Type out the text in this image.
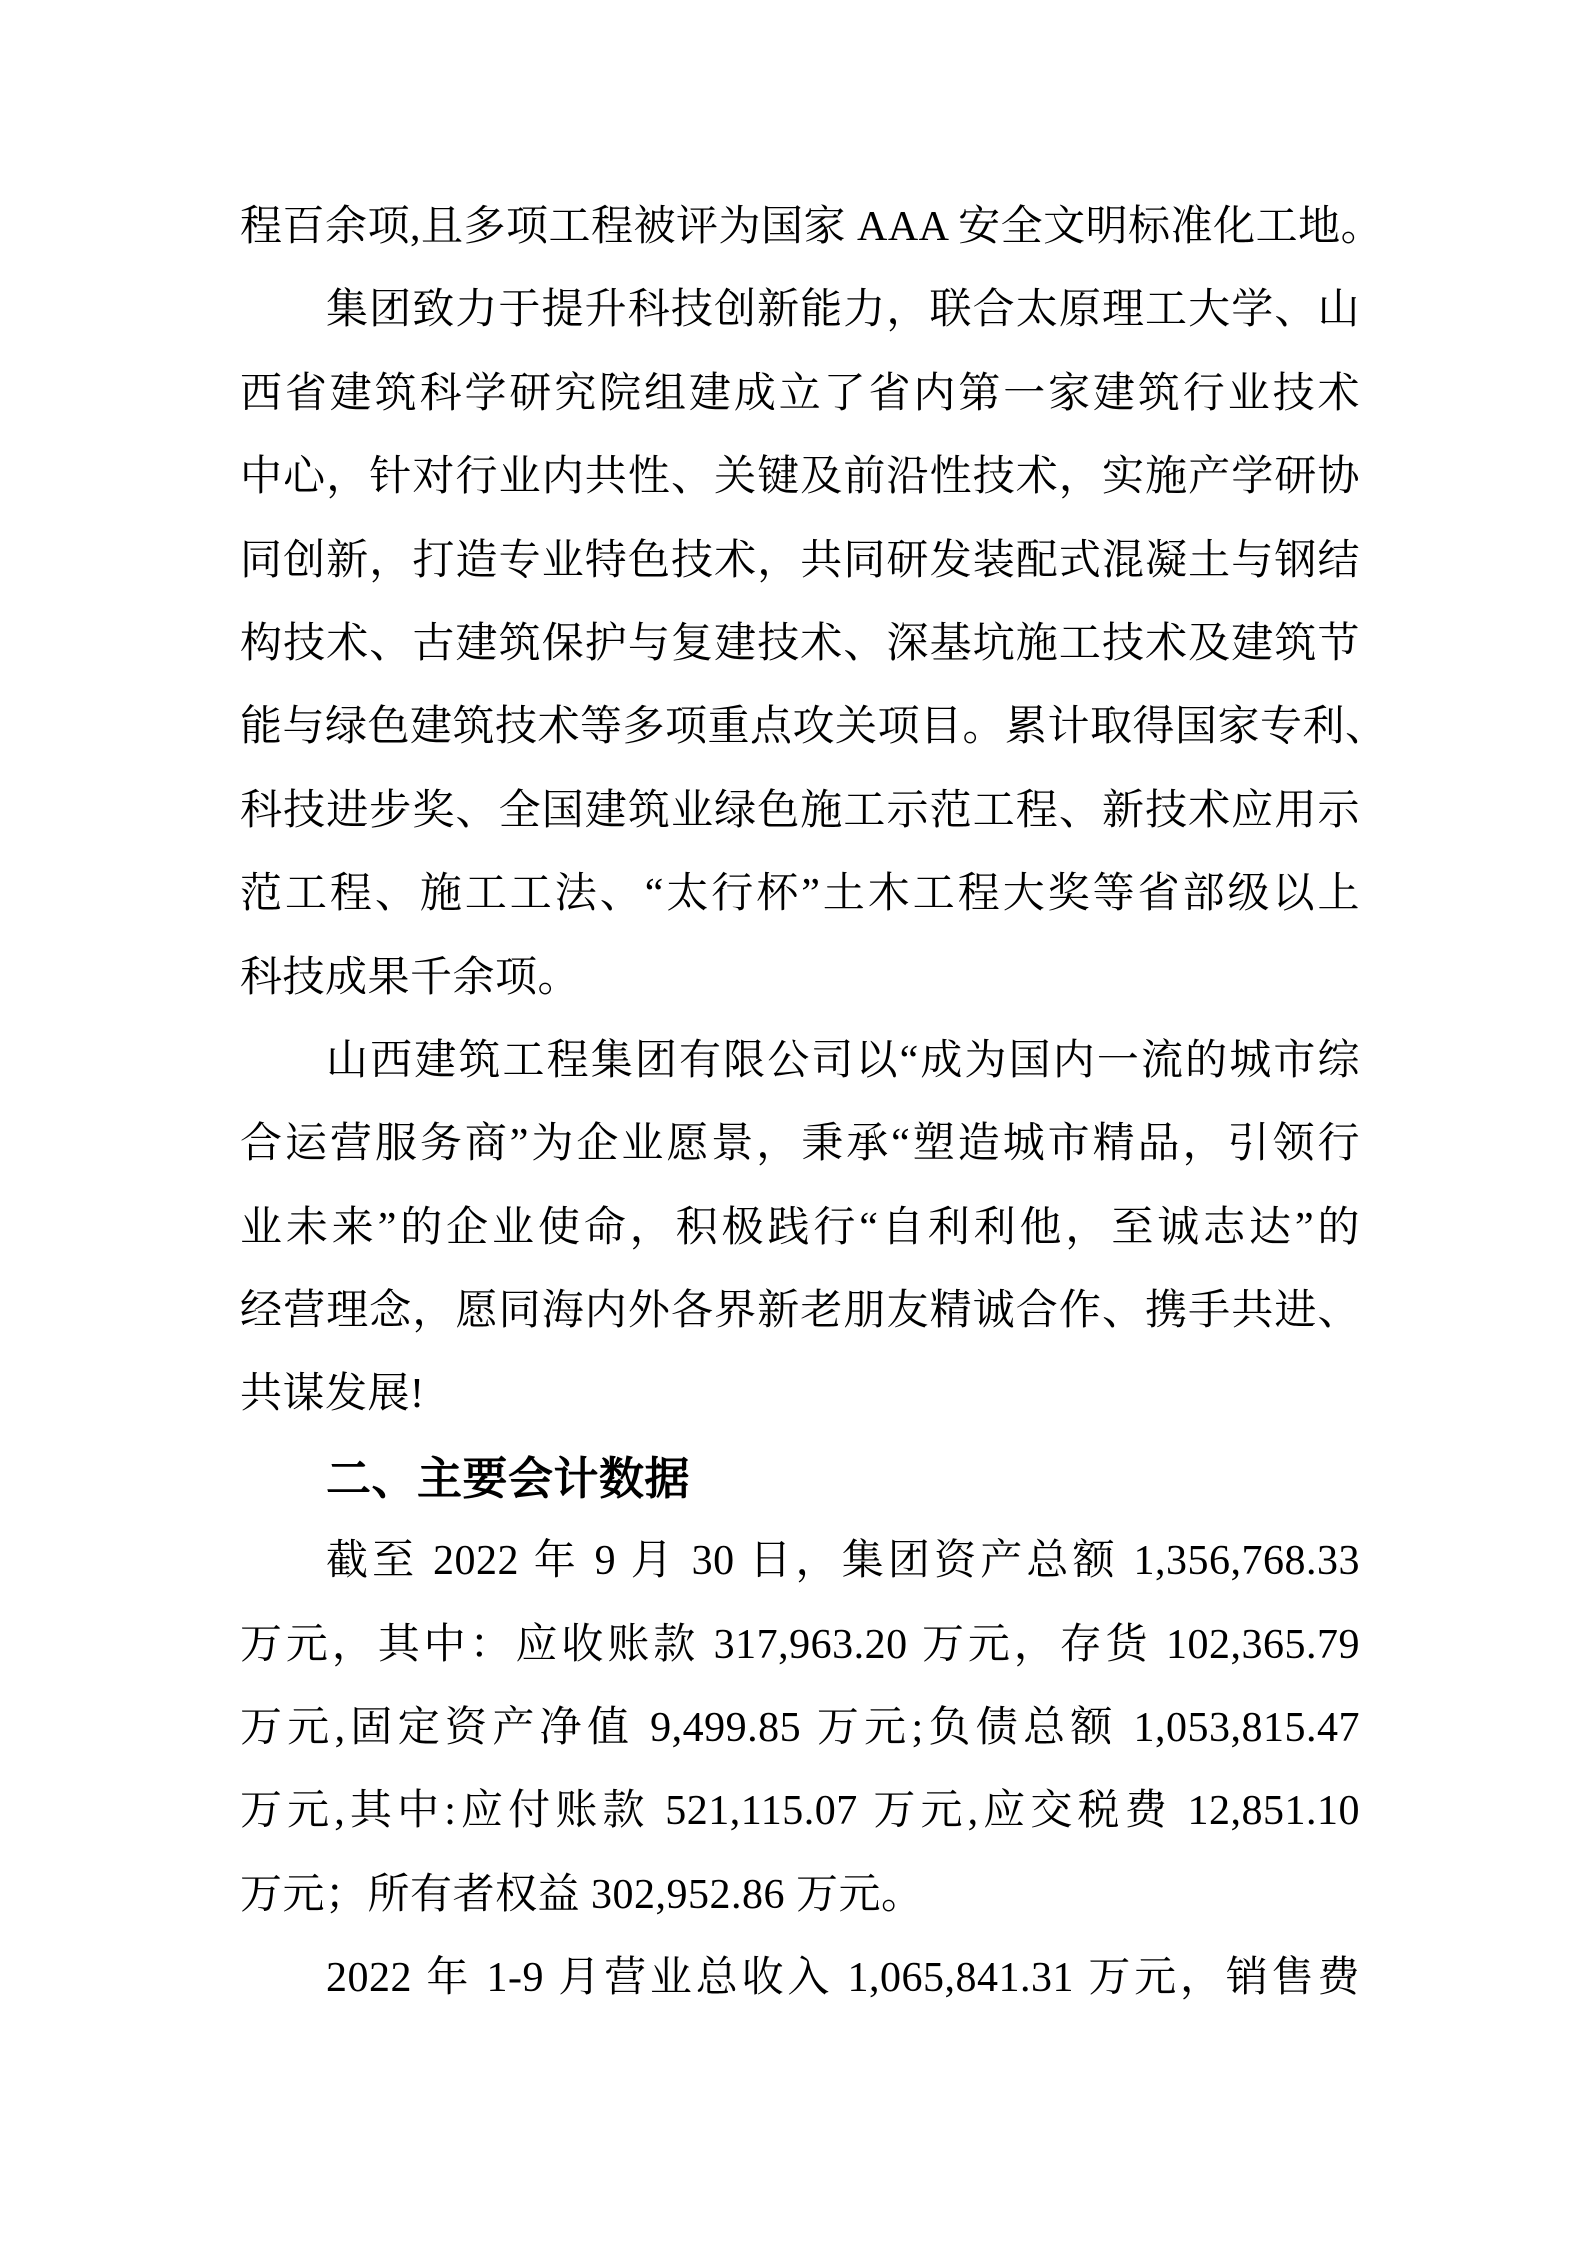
程百余项,且多项工程被评为国家 AAA 安全文明标准化工地。
集团致力于提升科技创新能力，联合太原理工大学、山
西省建筑科学研究院组建成立了省内第一家建筑行业技术
中心，针对行业内共性、关键及前沿性技术，实施产学研协
同创新，打造专业特色技术，共同研发装配式混凝土与钢结
构技术、古建筑保护与复建技术、深基坑施工技术及建筑节
能与绿色建筑技术等多项重点攻关项目。累计取得国家专利、
科技进步奖、全国建筑业绿色施工示范工程、新技术应用示
范工程、施工工法、“太行杯”土木工程大奖等省部级以上
科技成果千余项。
山西建筑工程集团有限公司以“成为国内一流的城市综
合运营服务商”为企业愿景，秉承“塑造城市精品，引领行
业未来”的企业使命，积极践行“自利利他，至诚志达”的
经营理念，愿同海内外各界新老朋友精诚合作、携手共进、
共谋发展!
二、主要会计数据
截至 2022 年 9 月 30 日，集团资产总额 1,356,768.33
万元，其中：应收账款 317,963.20 万元，存货 102,365.79
万元,固定资产净值 9,499.85 万元;负债总额 1,053,815.47
万元,其中:应付账款 521,115.07 万元,应交税费 12,851.10
万元；所有者权益 302,952.86 万元。
2022 年 1-9 月营业总收入 1,065,841.31 万元，销售费
